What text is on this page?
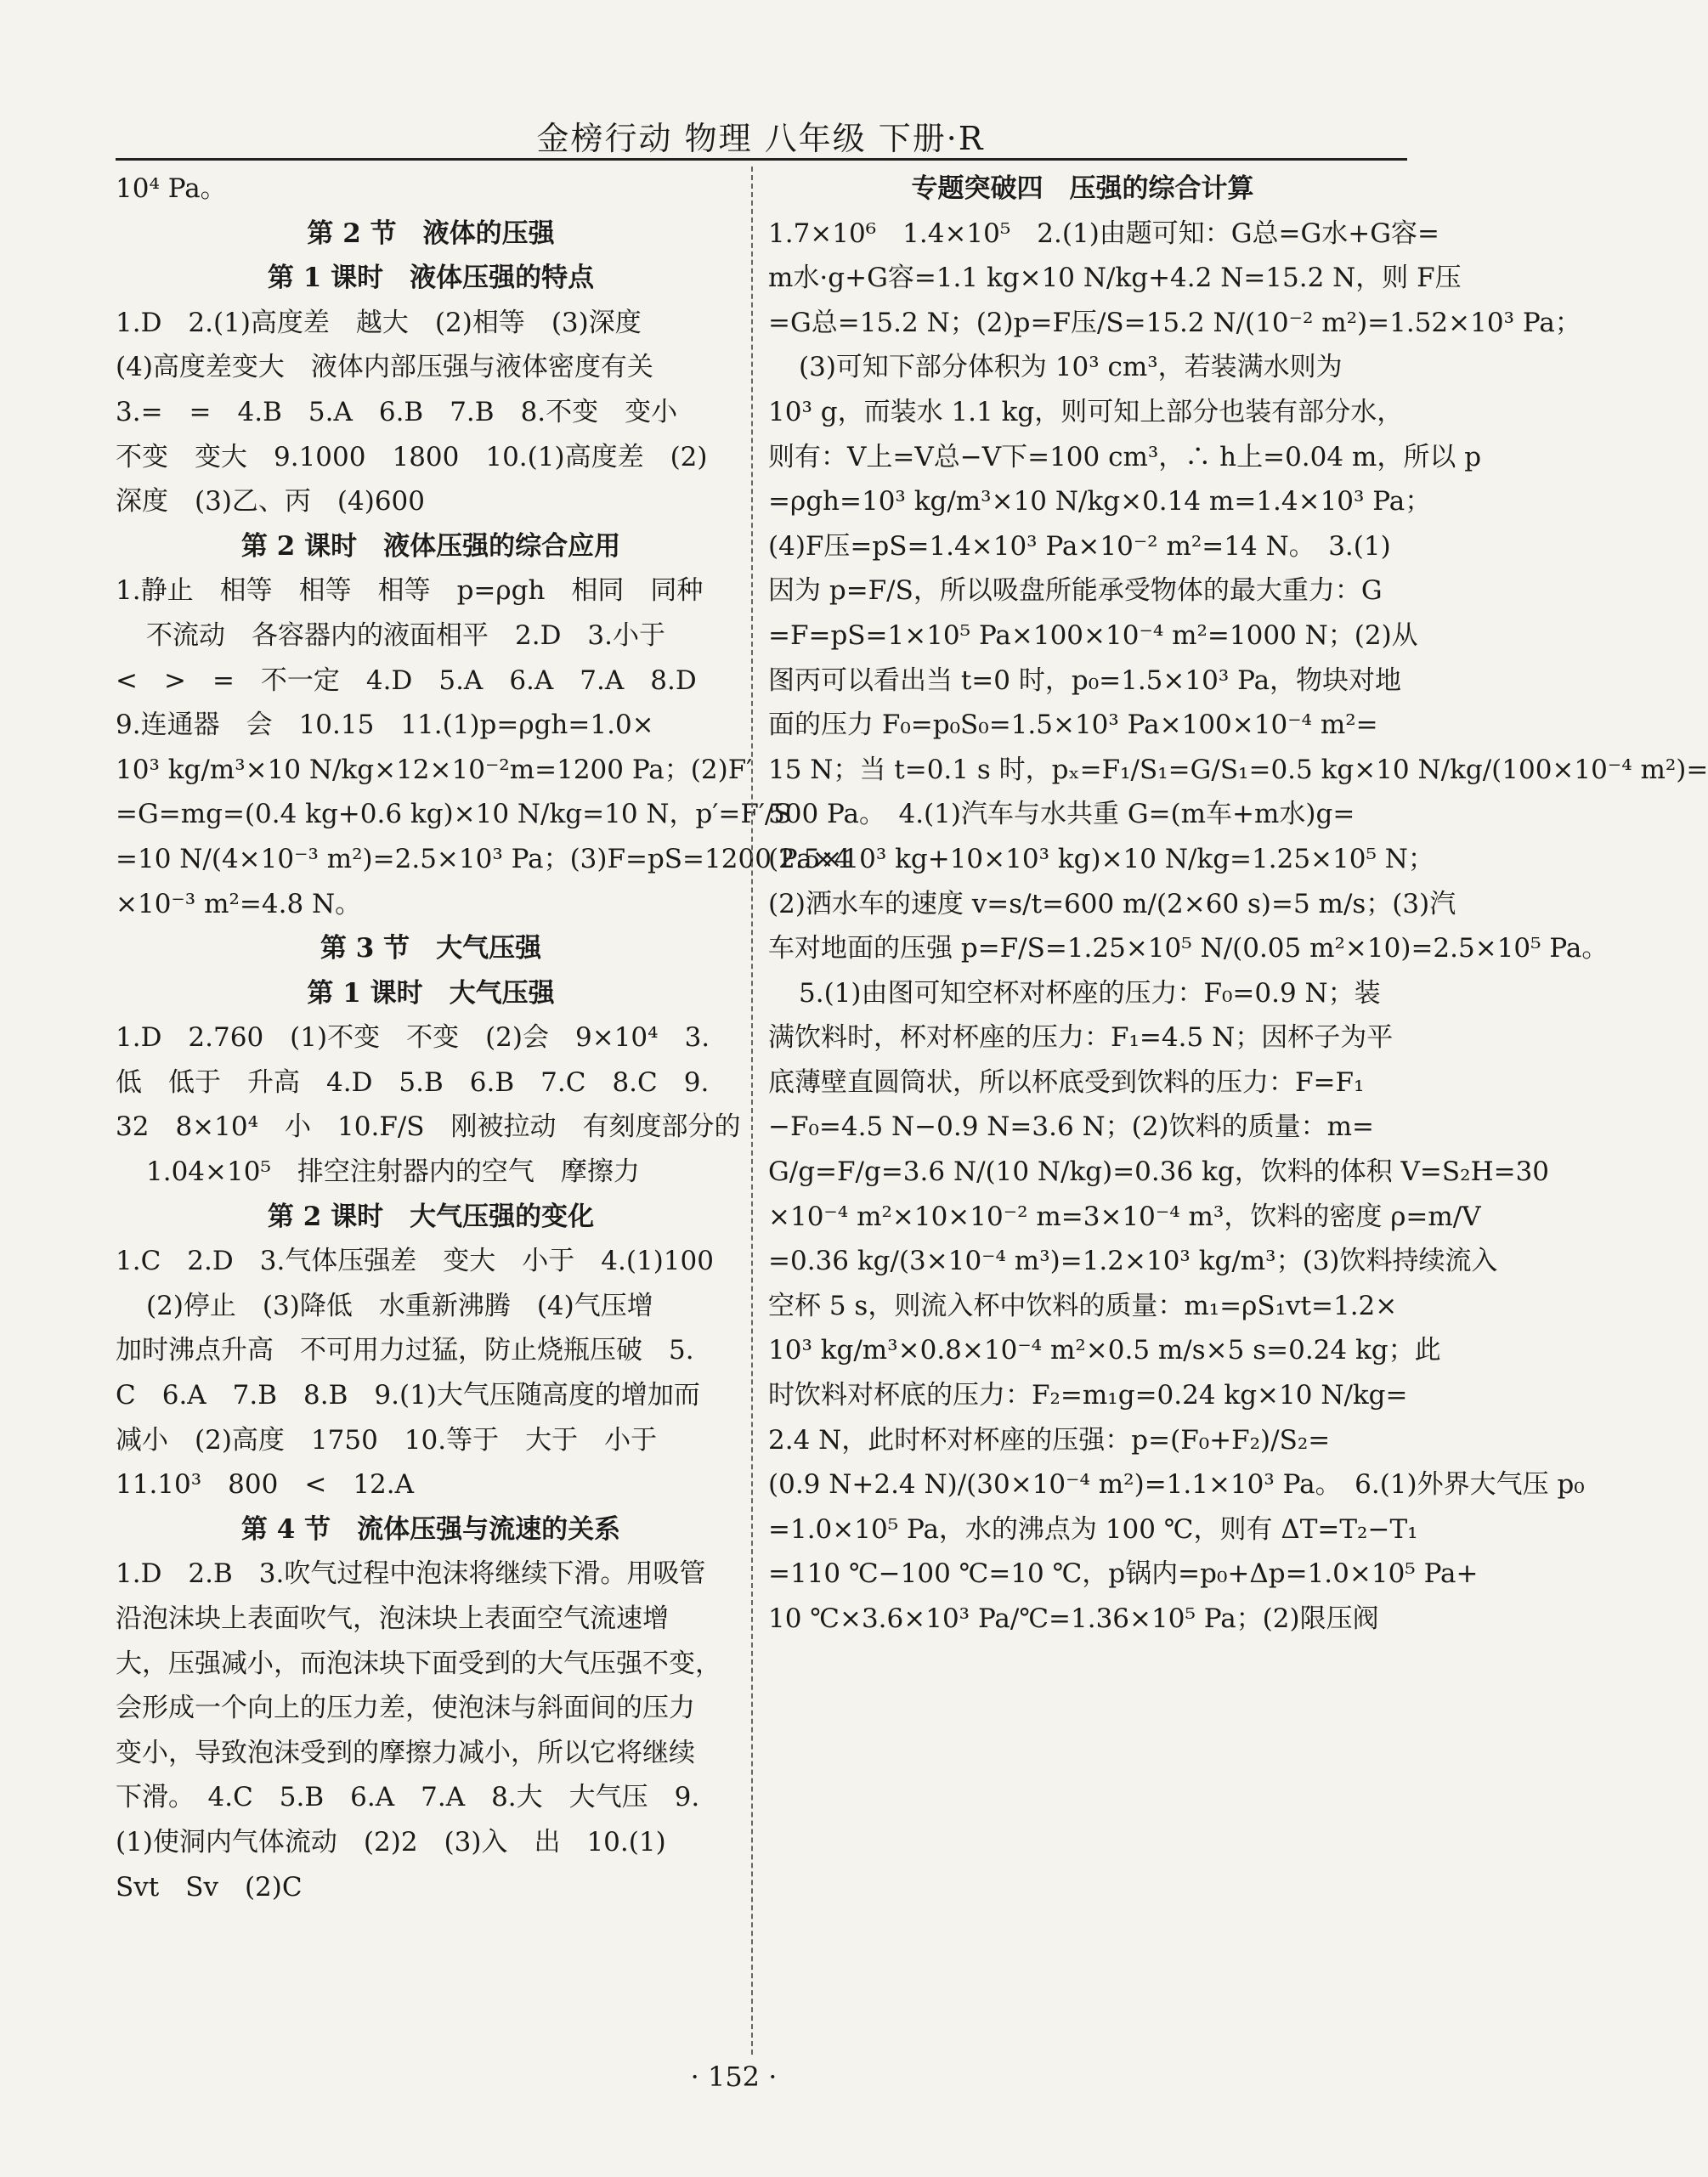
金榜行动 物理 八年级 下册·R
10⁴ Pa。
第 2 节　液体的压强
第 1 课时　液体压强的特点
1.D　2.(1)高度差　越大　(2)相等　(3)深度
(4)高度差变大　液体内部压强与液体密度有关
3.=　=　4.B　5.A　6.B　7.B　8.不变　变小
不变　变大　9.1000　1800　10.(1)高度差　(2)
深度　(3)乙、丙　(4)600
第 2 课时　液体压强的综合应用
1.静止　相等　相等　相等　p=ρgh　相同　同种
不流动　各容器内的液面相平　2.D　3.小于
<　>　=　不一定　4.D　5.A　6.A　7.A　8.D
9.连通器　会　10.15　11.(1)p=ρgh=1.0×
10³ kg/m³×10 N/kg×12×10⁻²m=1200 Pa；(2)F′
=G=mg=(0.4 kg+0.6 kg)×10 N/kg=10 N，p′=F′/S
=10 N/(4×10⁻³ m²)=2.5×10³ Pa；(3)F=pS=1200 Pa×4
×10⁻³ m²=4.8 N。
第 3 节　大气压强
第 1 课时　大气压强
1.D　2.760　(1)不变　不变　(2)会　9×10⁴　3.
低　低于　升高　4.D　5.B　6.B　7.C　8.C　9.
32　8×10⁴　小　10.F/S　刚被拉动　有刻度部分的
1.04×10⁵　排空注射器内的空气　摩擦力
第 2 课时　大气压强的变化
1.C　2.D　3.气体压强差　变大　小于　4.(1)100
(2)停止　(3)降低　水重新沸腾　(4)气压增
加时沸点升高　不可用力过猛，防止烧瓶压破　5.
C　6.A　7.B　8.B　9.(1)大气压随高度的增加而
减小　(2)高度　1750　10.等于　大于　小于
11.10³　800　<　12.A
第 4 节　流体压强与流速的关系
1.D　2.B　3.吹气过程中泡沫将继续下滑。用吸管
沿泡沫块上表面吹气，泡沫块上表面空气流速增
大，压强减小，而泡沫块下面受到的大气压强不变，
会形成一个向上的压力差，使泡沫与斜面间的压力
变小，导致泡沫受到的摩擦力减小，所以它将继续
下滑。　4.C　5.B　6.A　7.A　8.大　大气压　9.
(1)使洞内气体流动　(2)2　(3)入　出　10.(1)
Svt　Sv　(2)C
专题突破四　压强的综合计算
1.7×10⁶　1.4×10⁵　2.(1)由题可知：G总=G水+G容=
m水·g+G容=1.1 kg×10 N/kg+4.2 N=15.2 N，则 F压
=G总=15.2 N；(2)p=F压/S=15.2 N/(10⁻² m²)=1.52×10³ Pa；
(3)可知下部分体积为 10³ cm³，若装满水则为
10³ g，而装水 1.1 kg，则可知上部分也装有部分水，
则有：V上=V总−V下=100 cm³，∴ h上=0.04 m，所以 p
=ρgh=10³ kg/m³×10 N/kg×0.14 m=1.4×10³ Pa；
(4)F压=pS=1.4×10³ Pa×10⁻² m²=14 N。　3.(1)
因为 p=F/S，所以吸盘所能承受物体的最大重力：G
=F=pS=1×10⁵ Pa×100×10⁻⁴ m²=1000 N；(2)从
图丙可以看出当 t=0 时，p₀=1.5×10³ Pa，物块对地
面的压力 F₀=p₀S₀=1.5×10³ Pa×100×10⁻⁴ m²=
15 N；当 t=0.1 s 时，pₓ=F₁/S₁=G/S₁=0.5 kg×10 N/kg/(100×10⁻⁴ m²)=
500 Pa。　4.(1)汽车与水共重 G=(m车+m水)g=
(2.5×10³ kg+10×10³ kg)×10 N/kg=1.25×10⁵ N；
(2)洒水车的速度 v=s/t=600 m/(2×60 s)=5 m/s；(3)汽
车对地面的压强 p=F/S=1.25×10⁵ N/(0.05 m²×10)=2.5×10⁵ Pa。
5.(1)由图可知空杯对杯座的压力：F₀=0.9 N；装
满饮料时，杯对杯座的压力：F₁=4.5 N；因杯子为平
底薄壁直圆筒状，所以杯底受到饮料的压力：F=F₁
−F₀=4.5 N−0.9 N=3.6 N；(2)饮料的质量：m=
G/g=F/g=3.6 N/(10 N/kg)=0.36 kg，饮料的体积 V=S₂H=30
×10⁻⁴ m²×10×10⁻² m=3×10⁻⁴ m³，饮料的密度 ρ=m/V
=0.36 kg/(3×10⁻⁴ m³)=1.2×10³ kg/m³；(3)饮料持续流入
空杯 5 s，则流入杯中饮料的质量：m₁=ρS₁vt=1.2×
10³ kg/m³×0.8×10⁻⁴ m²×0.5 m/s×5 s=0.24 kg；此
时饮料对杯底的压力：F₂=m₁g=0.24 kg×10 N/kg=
2.4 N，此时杯对杯座的压强：p=(F₀+F₂)/S₂=
(0.9 N+2.4 N)/(30×10⁻⁴ m²)=1.1×10³ Pa。　6.(1)外界大气压 p₀
=1.0×10⁵ Pa，水的沸点为 100 ℃，则有 ΔT=T₂−T₁
=110 ℃−100 ℃=10 ℃，p锅内=p₀+Δp=1.0×10⁵ Pa+
10 ℃×3.6×10³ Pa/℃=1.36×10⁵ Pa；(2)限压阀
· 152 ·
